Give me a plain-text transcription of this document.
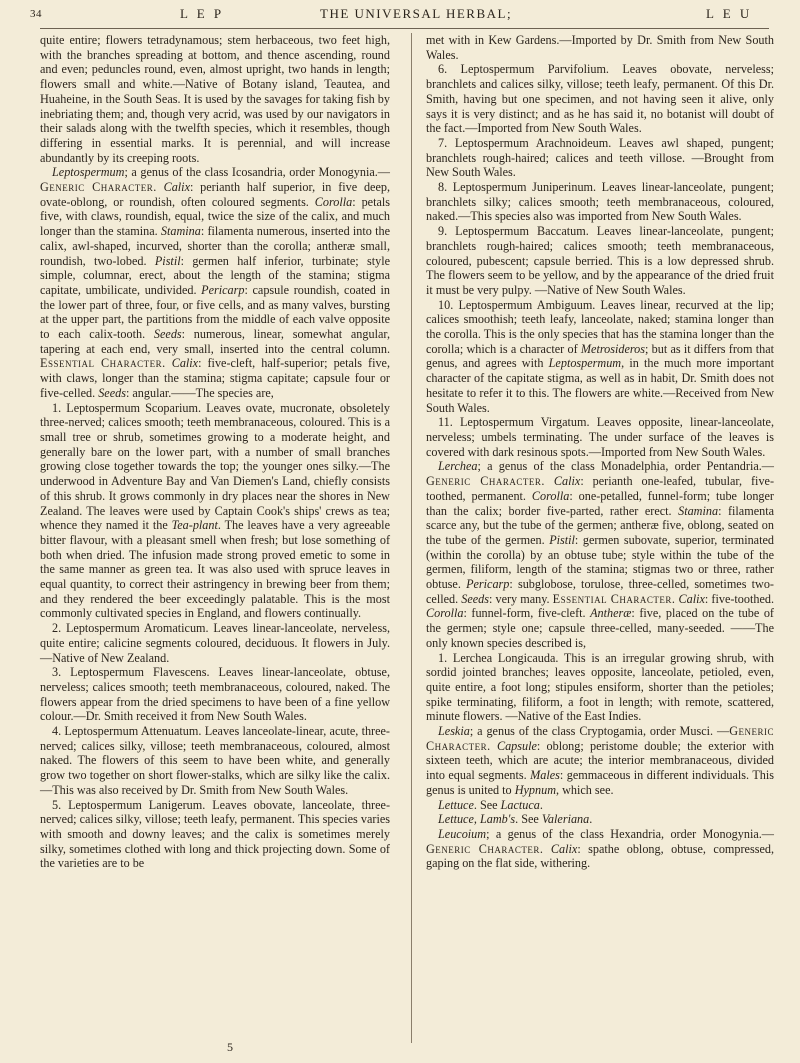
34	L E P	THE UNIVERSAL HERBAL;	L E U

quite entire; flowers tetradynamous; stem herbaceous, two feet high, with the branches spreading at bottom, and thence ascending, round and even; peduncles round, even, almost upright, two hands in length; flowers small and white.—Native of Botany island, Teautea, and Huaheine, in the South Seas. It is used by the savages for taking fish by inebriating them; and, though very acrid, was used by our navigators in their salads along with the twelfth species, which it resembles, though differing in essential marks. It is perennial, and will increase abundantly by its creeping roots.

Leptospermum; a genus of the class Icosandria, order Monogynia.—Generic Character. Calix: perianth half superior, in five deep, ovate-oblong, or roundish, often coloured segments. Corolla: petals five, with claws, roundish, equal, twice the size of the calix, and much longer than the stamina. Stamina: filamenta numerous, inserted into the calix, awl-shaped, incurved, shorter than the corolla; antheræ small, roundish, two-lobed. Pistil: germen half inferior, turbinate; style simple, columnar, erect, about the length of the stamina; stigma capitate, umbilicate, undivided. Pericarp: capsule roundish, coated in the lower part of three, four, or five cells, and as many valves, bursting at the upper part, the partitions from the middle of each valve opposite to each calix-tooth. Seeds: numerous, linear, somewhat angular, tapering at each end, very small, inserted into the central column. Essential Character. Calix: five-cleft, half-superior; petals five, with claws, longer than the stamina; stigma capitate; capsule four or five-celled. Seeds: angular.——The species are,

1. Leptospermum Scoparium. Leaves ovate, mucronate, obsoletely three-nerved; calices smooth; teeth membranaceous, coloured. This is a small tree or shrub, sometimes growing to a moderate height, and generally bare on the lower part, with a number of small branches growing close together towards the top; the younger ones silky.—The underwood in Adventure Bay and Van Diemen's Land, chiefly consists of this shrub. It grows commonly in dry places near the shores in New Zealand. The leaves were used by Captain Cook's ships' crews as tea; whence they named it the Tea-plant. The leaves have a very agreeable bitter flavour, with a pleasant smell when fresh; but lose something of both when dried. The infusion made strong proved emetic to some in the same manner as green tea. It was also used with spruce leaves in equal quantity, to correct their astringency in brewing beer from them; and they rendered the beer exceedingly palatable. This is the most commonly cultivated species in England, and flowers continually.

2. Leptospermum Aromaticum. Leaves linear-lanceolate, nerveless, quite entire; calicine segments coloured, deciduous. It flowers in July.—Native of New Zealand.

3. Leptospermum Flavescens. Leaves linear-lanceolate, obtuse, nerveless; calices smooth; teeth membranaceous, coloured, naked. The flowers appear from the dried specimens to have been of a fine yellow colour.—Dr. Smith received it from New South Wales.

4. Leptospermum Attenuatum. Leaves lanceolate-linear, acute, three-nerved; calices silky, villose; teeth membranaceous, coloured, almost naked. The flowers of this seem to have been white, and generally grow two together on short flower-stalks, which are silky like the calix.—This was also received by Dr. Smith from New South Wales.

5. Leptospermum Lanigerum. Leaves obovate, lanceolate, three-nerved; calices silky, villose; teeth leafy, permanent. This species varies with smooth and downy leaves; and the calix is sometimes merely silky, sometimes clothed with long and thick projecting down. Some of the varieties are to be

met with in Kew Gardens.—Imported by Dr. Smith from New South Wales.

6. Leptospermum Parvifolium. Leaves obovate, nerveless; branchlets and calices silky, villose; teeth leafy, permanent. Of this Dr. Smith, having but one specimen, and not having seen it alive, only says it is very distinct; and as he has said it, no botanist will doubt of the fact.—Imported from New South Wales.

7. Leptospermum Arachnoideum. Leaves awl shaped, pungent; branchlets rough-haired; calices and teeth villose. —Brought from New South Wales.

8. Leptospermum Juniperinum. Leaves linear-lanceolate, pungent; branchlets silky; calices smooth; teeth membranaceous, coloured, naked.—This species also was imported from New South Wales.

9. Leptospermum Baccatum. Leaves linear-lanceolate, pungent; branchlets rough-haired; calices smooth; teeth membranaceous, coloured, pubescent; capsule berried. This is a low depressed shrub. The flowers seem to be yellow, and by the appearance of the dried fruit it must be very pulpy. —Native of New South Wales.

10. Leptospermum Ambiguum. Leaves linear, recurved at the lip; calices smoothish; teeth leafy, lanceolate, naked; stamina longer than the corolla. This is the only species that has the stamina longer than the corolla; which is a character of Metrosideros; but as it differs from that genus, and agrees with Leptospermum, in the much more important character of the capitate stigma, as well as in habit, Dr. Smith does not hesitate to refer it to this. The flowers are white.—Received from New South Wales.

11. Leptospermum Virgatum. Leaves opposite, linear-lanceolate, nerveless; umbels terminating. The under surface of the leaves is covered with dark resinous spots.—Imported from New South Wales.

Lerchea; a genus of the class Monadelphia, order Pentandria.—Generic Character. Calix: perianth one-leafed, tubular, five-toothed, permanent. Corolla: one-petalled, funnel-form; tube longer than the calix; border five-parted, rather erect. Stamina: filamenta scarce any, but the tube of the germen; antheræ five, oblong, seated on the tube of the germen. Pistil: germen subovate, superior, terminated (within the corolla) by an obtuse tube; style within the tube of the germen, filiform, length of the stamina; stigmas two or three, rather obtuse. Pericarp: subglobose, torulose, three-celled, sometimes two-celled. Seeds: very many. Essential Character. Calix: five-toothed. Corolla: funnel-form, five-cleft. Antheræ: five, placed on the tube of the germen; style one; capsule three-celled, many-seeded. ——The only known species described is,

1. Lerchea Longicauda. This is an irregular growing shrub, with sordid jointed branches; leaves opposite, lanceolate, petioled, even, quite entire, a foot long; stipules ensiform, shorter than the petioles; spike terminating, filiform, a foot in length; with remote, scattered, minute flowers. —Native of the East Indies.

Leskia; a genus of the class Cryptogamia, order Musci. —Generic Character. Capsule: oblong; peristome double; the exterior with sixteen teeth, which are acute; the interior membranaceous, divided into equal segments. Males: gemmaceous in different individuals. This genus is united to Hypnum, which see.

Lettuce. See Lactuca.

Lettuce, Lamb's. See Valeriana.

Leucoium; a genus of the class Hexandria, order Monogynia.—Generic Character. Calix: spathe oblong, obtuse, compressed, gaping on the flat side, withering.

5
